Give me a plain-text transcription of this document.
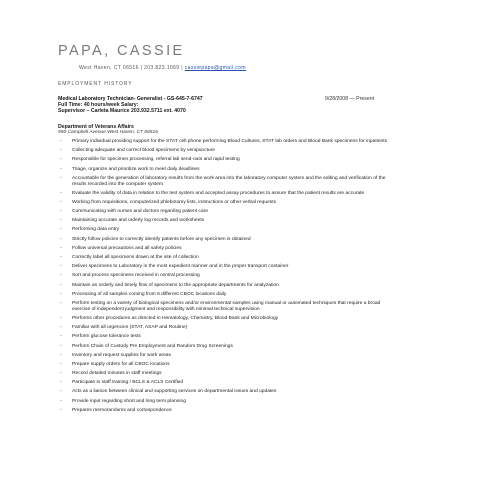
PAPA, CASSIE
West Haven, CT 06516 | 203.823.1069 | cassiepapa@gmail.com
EMPLOYMENT HISTORY
Medical Laboratory Technician- Generalist - GS-645-7-6747	9/28/2008 — Present
Full Time: 40 hours/week Salary:
Supervisor – Carleta Maurice 203.932.5711 ext. 4070
Department of Veterans Affairs
950 Campbell Avenue West Haven, CT 06516
- Primary individual providing support for the STAT cell phone performing Blood Cultures, STAT lab orders and Blood Bank specimens for inpatients
- Collecting adequate and correct blood specimens by venipuncture
- Responsible for specimen processing, referral lab send-outs and rapid testing
- Triage, organize and prioritize work to meet daily deadlines
- Accountable for the generation of laboratory results from the work area into the laboratory computer system and the editing and verification of the results recorded into the computer system
- Evaluate the validity of data in relation to the test system and accepted assay procedures to assure that the patient results are accurate
- Working from requisitions, computerized phlebotomy lists, instructions or other verbal requests
- Communicating with nurses and doctors regarding patient care
- Maintaining accurate and orderly log records and worksheets
- Performing data entry
- Strictly follow policies to correctly identify patients before any specimen is obtained
- Follow universal precautions and all safety policies
- Correctly label all specimens drawn at the site of collection
- Deliver specimens to Laboratory in the most expedient manner and in the proper transport container
- Sort and process specimens received in central processing
- Maintain an orderly and timely flow of specimens to the appropriate departments for analyzation
- Processing of all samples coming from 6 different CBOC locations daily
- Perform testing on a variety of biological specimens and/or environmental samples using manual or automated techniques that require a broad exercise of independent judgment and responsibility with minimal technical supervision
- Performs other procedures as directed in Hematology, Chemistry, Blood Bank and Microbiology
- Familiar with all urgencies (STAT, ASAP and Routine)
- Perform glucose tolerance tests
- Perform Chain of Custody Pre Employment and Random Drug Screenings
- Inventory and request supplies for work areas
- Prepare supply orders for all CBOC locations
- Record detailed minutes in staff meetings
- Participate in staff training / BCLS & ACLS Certified
- Acts as a liaison between clinical and supporting services on departmental issues and updates
- Provide input regarding short and long term planning
- Prepares memorandums and correspondence
